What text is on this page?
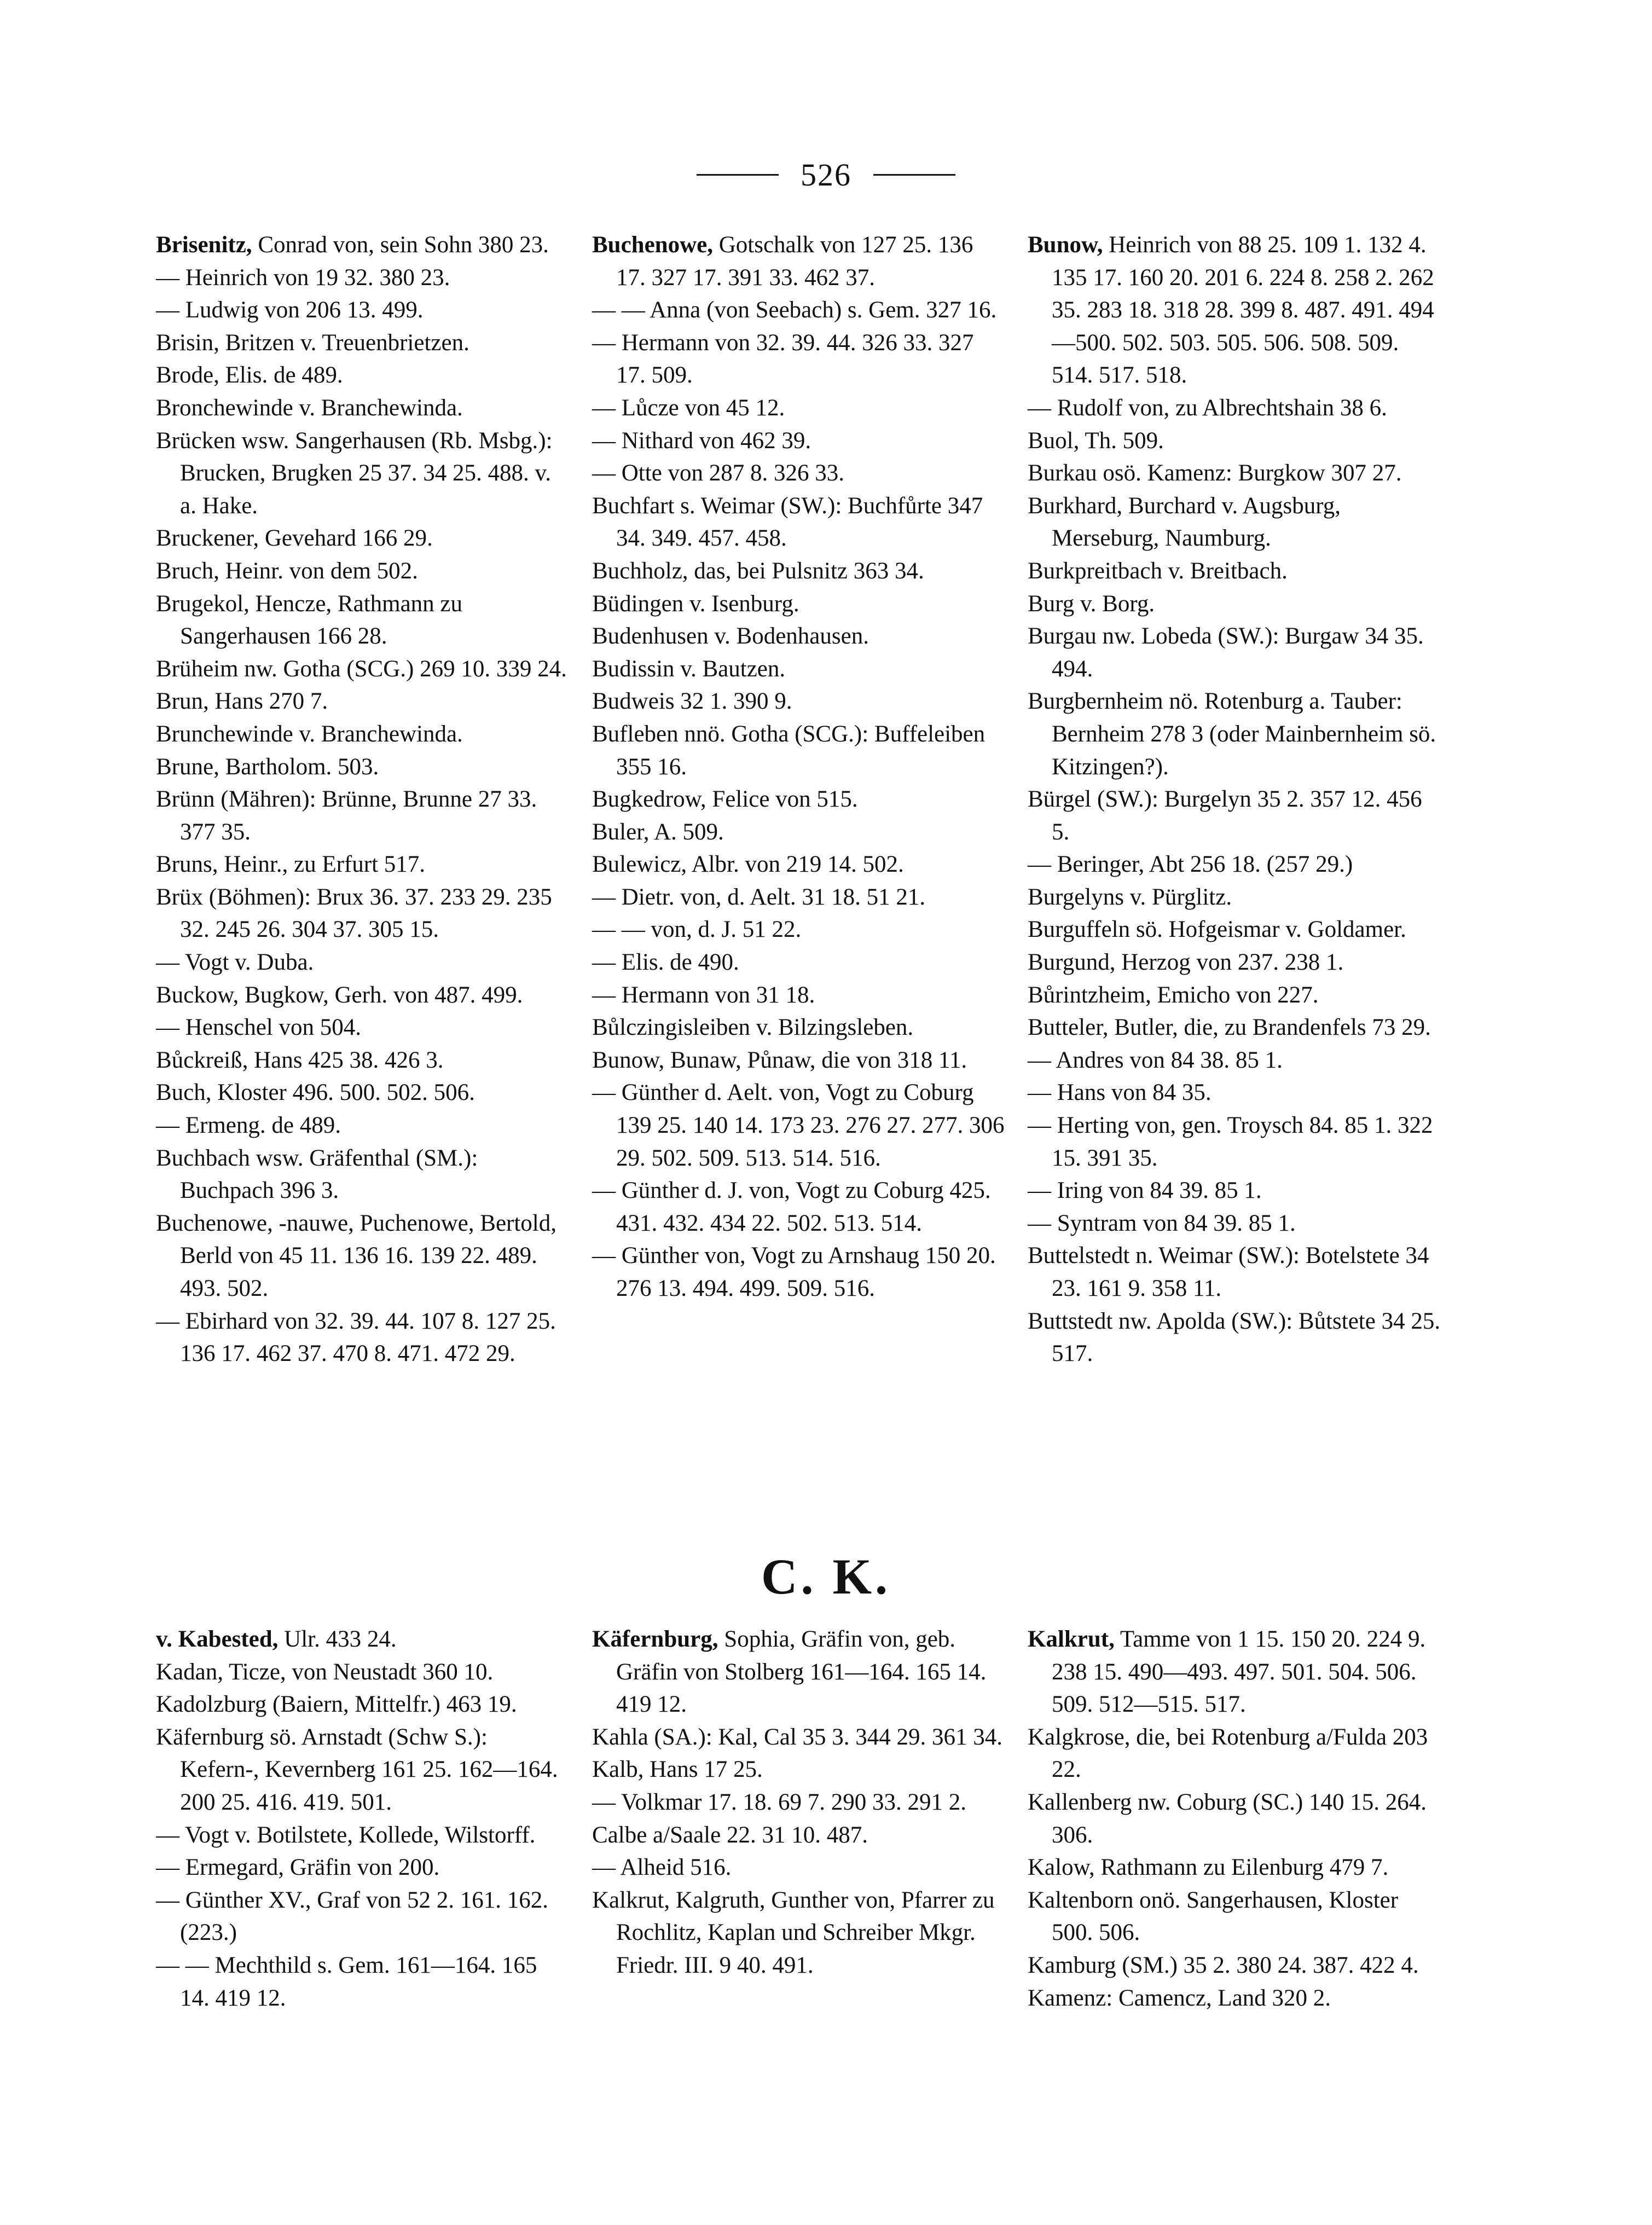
526

Brisenitz, Conrad von, sein Sohn 380 23.

— Heinrich von 19 32. 380 23.

— Ludwig von 206 13. 499.

Brisin, Britzen v. Treuenbrietzen.

Brode, Elis. de 489.

Bronchewinde v. Branchewinda.

Brücken wsw. Sangerhausen (Rb. Msbg.): Brucken, Brugken 25 37. 34 25. 488. v. a. Hake.

Bruckener, Gevehard 166 29.

Bruch, Heinr. von dem 502.

Brugekol, Hencze, Rathmann zu Sangerhausen 166 28.

Brüheim nw. Gotha (SCG.) 269 10. 339 24.

Brun, Hans 270 7.

Brunchewinde v. Branchewinda.

Brune, Bartholom. 503.

Brünn (Mähren): Brünne, Brunne 27 33. 377 35.

Bruns, Heinr., zu Erfurt 517.

Brüx (Böhmen): Brux 36. 37. 233 29. 235 32. 245 26. 304 37. 305 15.

— Vogt v. Duba.

Buckow, Bugkow, Gerh. von 487. 499.

— Henschel von 504.

Bůckreiß, Hans 425 38. 426 3.

Buch, Kloster 496. 500. 502. 506.

— Ermeng. de 489.

Buchbach wsw. Gräfenthal (SM.): Buchpach 396 3.

Buchenowe, -nauwe, Puchenowe, Bertold, Berld von 45 11. 136 16. 139 22. 489. 493. 502.

— Ebirhard von 32. 39. 44. 107 8. 127 25. 136 17. 462 37. 470 8. 471. 472 29.

Buchenowe, Gotschalk von 127 25. 136 17. 327 17. 391 33. 462 37.

— — Anna (von Seebach) s. Gem. 327 16.

— Hermann von 32. 39. 44. 326 33. 327 17. 509.

— Lůcze von 45 12.

— Nithard von 462 39.

— Otte von 287 8. 326 33.

Buchfart s. Weimar (SW.): Buchfůrte 347 34. 349. 457. 458.

Buchholz, das, bei Pulsnitz 363 34.

Büdingen v. Isenburg.

Budenhusen v. Bodenhausen.

Budissin v. Bautzen.

Budweis 32 1. 390 9.

Bufleben nnö. Gotha (SCG.): Buffeleiben 355 16.

Bugkedrow, Felice von 515.

Buler, A. 509.

Bulewicz, Albr. von 219 14. 502.

— Dietr. von, d. Aelt. 31 18. 51 21.

— — von, d. J. 51 22.

— Elis. de 490.

— Hermann von 31 18.

Bůlczingisleiben v. Bilzingsleben.

Bunow, Bunaw, Půnaw, die von 318 11.

— Günther d. Aelt. von, Vogt zu Coburg 139 25. 140 14. 173 23. 276 27. 277. 306 29. 502. 509. 513. 514. 516.

— Günther d. J. von, Vogt zu Coburg 425. 431. 432. 434 22. 502. 513. 514.

— Günther von, Vogt zu Arnshaug 150 20. 276 13. 494. 499. 509. 516.

Bunow, Heinrich von 88 25. 109 1. 132 4. 135 17. 160 20. 201 6. 224 8. 258 2. 262 35. 283 18. 318 28. 399 8. 487. 491. 494—500. 502. 503. 505. 506. 508. 509. 514. 517. 518.

— Rudolf von, zu Albrechtshain 38 6.

Buol, Th. 509.

Burkau osö. Kamenz: Burgkow 307 27.

Burkhard, Burchard v. Augsburg, Merseburg, Naumburg.

Burkpreitbach v. Breitbach.

Burg v. Borg.

Burgau nw. Lobeda (SW.): Burgaw 34 35. 494.

Burgbernheim nö. Rotenburg a. Tauber: Bernheim 278 3 (oder Mainbernheim sö. Kitzingen?).

Bürgel (SW.): Burgelyn 35 2. 357 12. 456 5.

— Beringer, Abt 256 18. (257 29.)

Burgelyns v. Pürglitz.

Burguffeln sö. Hofgeismar v. Goldamer.

Burgund, Herzog von 237. 238 1.

Bůrintzheim, Emicho von 227.

Butteler, Butler, die, zu Brandenfels 73 29.

— Andres von 84 38. 85 1.

— Hans von 84 35.

— Herting von, gen. Troysch 84. 85 1. 322 15. 391 35.

— Iring von 84 39. 85 1.

— Syntram von 84 39. 85 1.

Buttelstedt n. Weimar (SW.): Botelstete 34 23. 161 9. 358 11.

Buttstedt nw. Apolda (SW.): Bůtstete 34 25. 517.

C. K.

v. Kabested, Ulr. 433 24.

Kadan, Ticze, von Neustadt 360 10.

Kadolzburg (Baiern, Mittelfr.) 463 19.

Käfernburg sö. Arnstadt (Schw S.): Kefern-, Kevernberg 161 25. 162—164. 200 25. 416. 419. 501.

— Vogt v. Botilstete, Kollede, Wilstorff.

— Ermegard, Gräfin von 200.

— Günther XV., Graf von 52 2. 161. 162. (223.)

— — Mechthild s. Gem. 161—164. 165 14. 419 12.

Käfernburg, Sophia, Gräfin von, geb. Gräfin von Stolberg 161—164. 165 14. 419 12.

Kahla (SA.): Kal, Cal 35 3. 344 29. 361 34.

Kalb, Hans 17 25.

— Volkmar 17. 18. 69 7. 290 33. 291 2.

Calbe a/Saale 22. 31 10. 487.

— Alheid 516.

Kalkrut, Kalgruth, Gunther von, Pfarrer zu Rochlitz, Kaplan und Schreiber Mkgr. Friedr. III. 9 40. 491.

Kalkrut, Tamme von 1 15. 150 20. 224 9. 238 15. 490—493. 497. 501. 504. 506. 509. 512—515. 517.

Kalgkrose, die, bei Rotenburg a/Fulda 203 22.

Kallenberg nw. Coburg (SC.) 140 15. 264. 306.

Kalow, Rathmann zu Eilenburg 479 7.

Kaltenborn onö. Sangerhausen, Kloster 500. 506.

Kamburg (SM.) 35 2. 380 24. 387. 422 4.

Kamenz: Camencz, Land 320 2.
